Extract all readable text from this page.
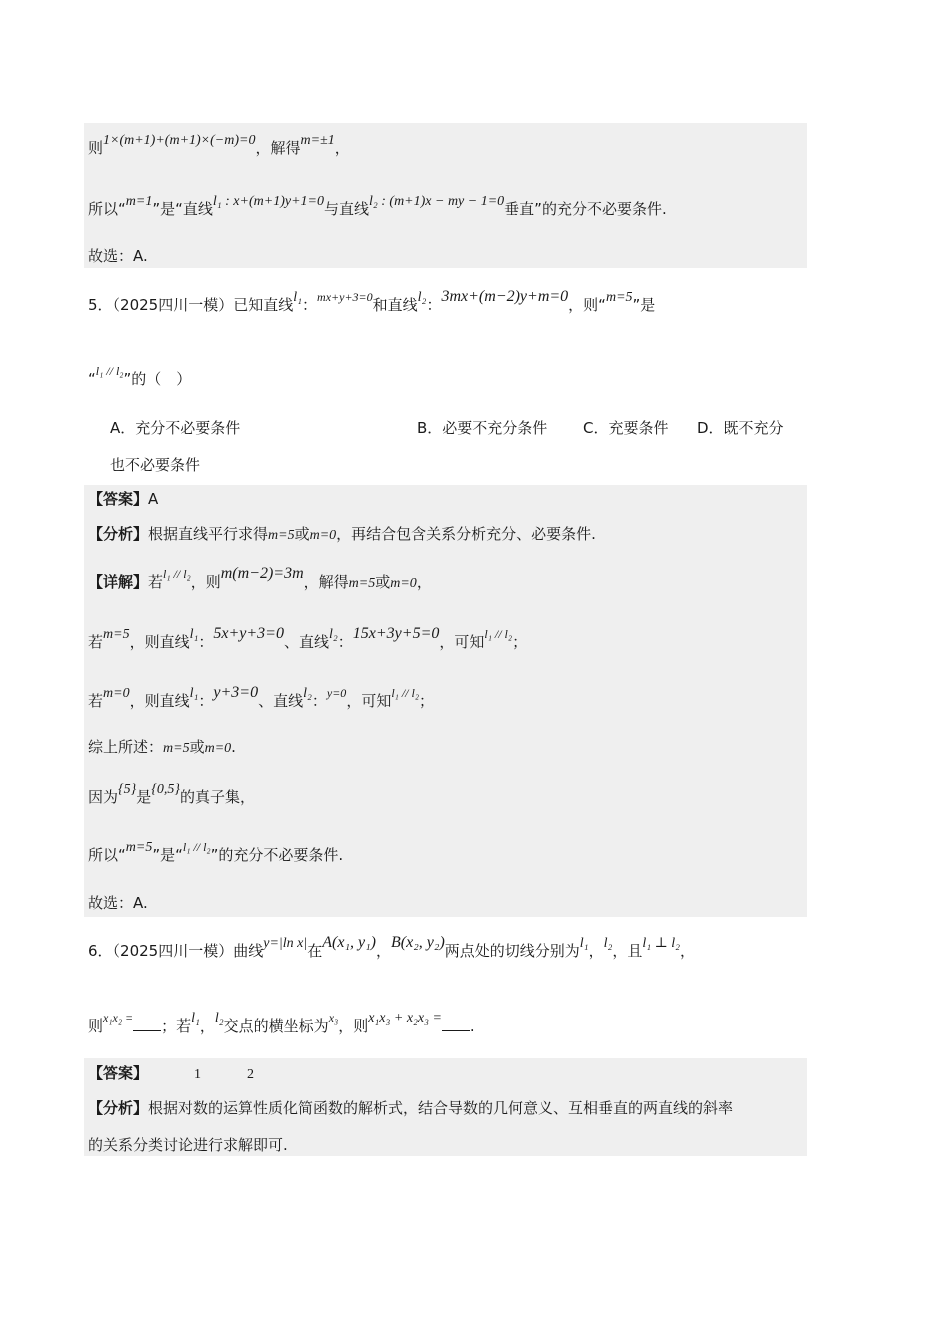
则1×(m+1)+(m+1)×(−m)=0，解得m=±1，
所以“m=1”是“直线l₁ : x+(m+1)y+1=0与直线l₂ : (m+1)x − my − 1=0垂直”的充分不必要条件.
故选：A.
5．（2025四川一模）已知直线l₁：$^{mx+y+3=0}$和直线l₂：3mx+(m−2)y+m=0，则“m=5”是
“$^{l_1 // l_2}$”的（　）
A．充分不必要条件	B．必要不充分条件 C．充要条件 D．既不充分
也不必要条件
【答案】A
【分析】根据直线平行求得m=5或m=0，再结合包含关系分析充分、必要条件.
【详解】若$^{l_1 // l_2}$，则m(m−2)=3m，解得m=5或m=0，
若m=5，则直线l₁：5x+y+3=0、直线l₂：15x+3y+5=0，可知$^{l_1 // l_2}$；
若m=0，则直线l₁：y+3=0、直线l₂：$^{y=0}$，可知$^{l_1 // l_2}$；
综上所述：m=5或m=0.
因为{5}是{0,5}的真子集，
所以“m=5”是“$^{l_1 // l_2}$”的充分不必要条件.
故选：A.
6．（2025四川一模）曲线y=|ln x|在A(x₁, y₁)，B(x₂, y₂)两点处的切线分别为l₁，l₂，且l₁ ⊥ l₂，
则$^{x_1x_2 =}$ ；若l₁，l₂交点的横坐标为$^{x_3}$，则x₁x₃ + x₂x₃ = .
【答案】	1	2
【分析】根据对数的运算性质化简函数的解析式，结合导数的几何意义、互相垂直的两直线的斜率
的关系分类讨论进行求解即可.
